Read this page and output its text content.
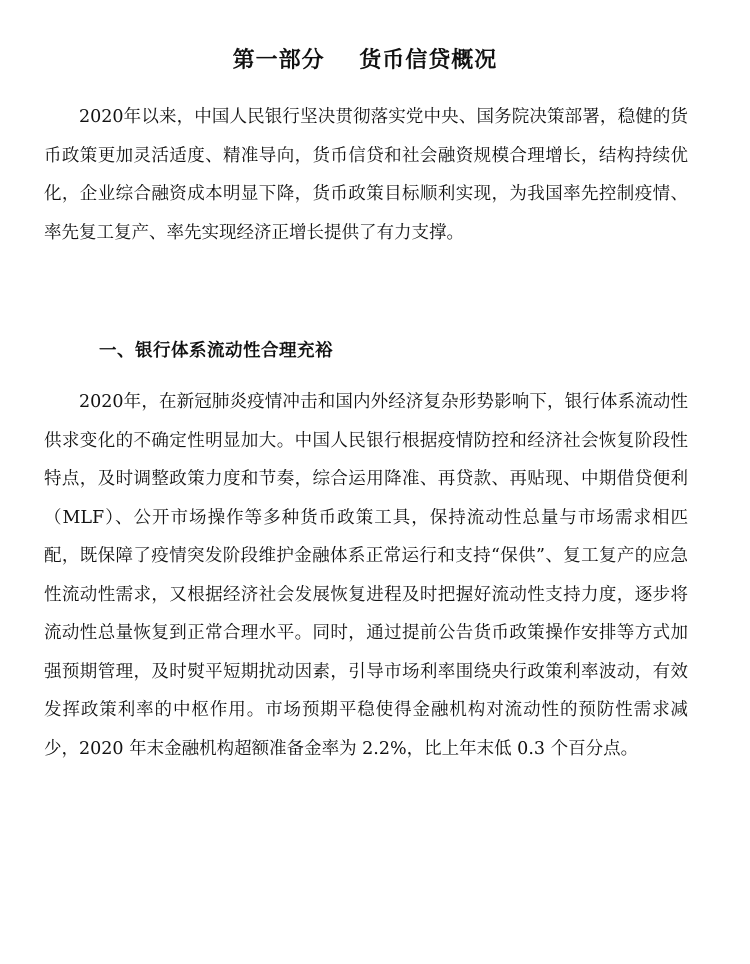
第一部分    货币信贷概况

2020年以来，中国人民银行坚决贯彻落实党中央、国务院决策部署，稳健的货币政策更加灵活适度、精准导向，货币信贷和社会融资规模合理增长，结构持续优化，企业综合融资成本明显下降，货币政策目标顺利实现，为我国率先控制疫情、率先复工复产、率先实现经济正增长提供了有力支撑。

一、银行体系流动性合理充裕

2020年，在新冠肺炎疫情冲击和国内外经济复杂形势影响下，银行体系流动性供求变化的不确定性明显加大。中国人民银行根据疫情防控和经济社会恢复阶段性特点，及时调整政策力度和节奏，综合运用降准、再贷款、再贴现、中期借贷便利（MLF）、公开市场操作等多种货币政策工具，保持流动性总量与市场需求相匹配，既保障了疫情突发阶段维护金融体系正常运行和支持“保供”、复工复产的应急性流动性需求，又根据经济社会发展恢复进程及时把握好流动性支持力度，逐步将流动性总量恢复到正常合理水平。同时，通过提前公告货币政策操作安排等方式加强预期管理，及时熨平短期扰动因素，引导市场利率围绕央行政策利率波动，有效发挥政策利率的中枢作用。市场预期平稳使得金融机构对流动性的预防性需求减少，2020 年末金融机构超额准备金率为 2.2%，比上年末低 0.3 个百分点。
